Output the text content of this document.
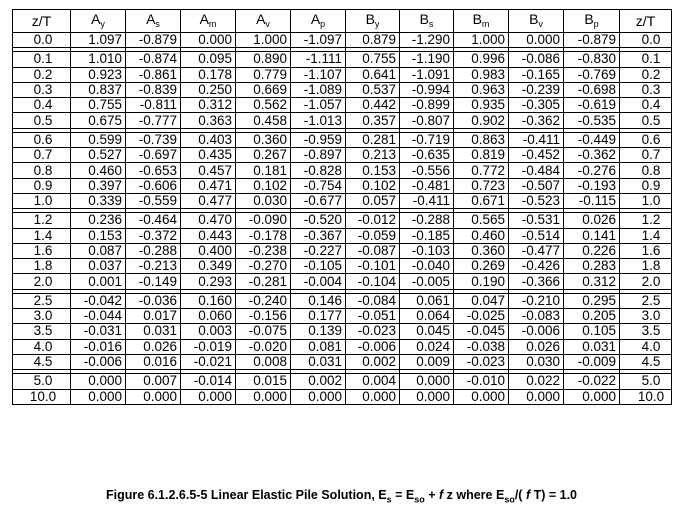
z/T	$A_y$	$A_s$	$A_m$	$A_v$	$A_p$	$B_y$	$B_s$	$B_m$	$B_v$	$B_p$	z/T
0.0	1.097	-0.879	0.000	1.000	-1.097	0.879	-1.290	1.000	0.000	-0.879	0.0

0.1	1.010	-0.874	0.095	0.890	-1.111	0.755	-1.190	0.996	-0.086	-0.830	0.1
0.2	0.923	-0.861	0.178	0.779	-1.107	0.641	-1.091	0.983	-0.165	-0.769	0.2
0.3	0.837	-0.839	0.250	0.669	-1.089	0.537	-0.994	0.963	-0.239	-0.698	0.3
0.4	0.755	-0.811	0.312	0.562	-1.057	0.442	-0.899	0.935	-0.305	-0.619	0.4
0.5	0.675	-0.777	0.363	0.458	-1.013	0.357	-0.807	0.902	-0.362	-0.535	0.5

0.6	0.599	-0.739	0.403	0.360	-0.959	0.281	-0.719	0.863	-0.411	-0.449	0.6
0.7	0.527	-0.697	0.435	0.267	-0.897	0.213	-0.635	0.819	-0.452	-0.362	0.7
0.8	0.460	-0.653	0.457	0.181	-0.828	0.153	-0.556	0.772	-0.484	-0.276	0.8
0.9	0.397	-0.606	0.471	0.102	-0.754	0.102	-0.481	0.723	-0.507	-0.193	0.9
1.0	0.339	-0.559	0.477	0.030	-0.677	0.057	-0.411	0.671	-0.523	-0.115	1.0

1.2	0.236	-0.464	0.470	-0.090	-0.520	-0.012	-0.288	0.565	-0.531	0.026	1.2
1.4	0.153	-0.372	0.443	-0.178	-0.367	-0.059	-0.185	0.460	-0.514	0.141	1.4
1.6	0.087	-0.288	0.400	-0.238	-0.227	-0.087	-0.103	0.360	-0.477	0.226	1.6
1.8	0.037	-0.213	0.349	-0.270	-0.105	-0.101	-0.040	0.269	-0.426	0.283	1.8
2.0	0.001	-0.149	0.293	-0.281	-0.004	-0.104	-0.005	0.190	-0.366	0.312	2.0

2.5	-0.042	-0.036	0.160	-0.240	0.146	-0.084	0.061	0.047	-0.210	0.295	2.5
3.0	-0.044	0.017	0.060	-0.156	0.177	-0.051	0.064	-0.025	-0.083	0.205	3.0
3.5	-0.031	0.031	0.003	-0.075	0.139	-0.023	0.045	-0.045	-0.006	0.105	3.5
4.0	-0.016	0.026	-0.019	-0.020	0.081	-0.006	0.024	-0.038	0.026	0.031	4.0
4.5	-0.006	0.016	-0.021	0.008	0.031	0.002	0.009	-0.023	0.030	-0.009	4.5

5.0	0.000	0.007	-0.014	0.015	0.002	0.004	0.000	-0.010	0.022	-0.022	5.0
10.0	0.000	0.000	0.000	0.000	0.000	0.000	0.000	0.000	0.000	0.000	10.0
Figure 6.1.2.6.5-5 Linear Elastic Pile Solution, $E_s = E_{so} + f$ z where $E_{so}/$( f T) = 1.0
